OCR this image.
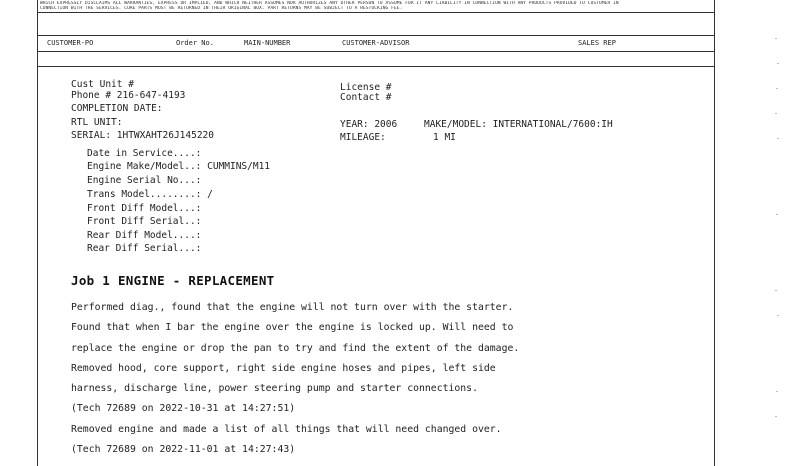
WHICH EXPRESSLY DISCLAIMS ALL WARRANTIES, EXPRESS OR IMPLIED, AND WHICH NEITHER ASSUMES NOR AUTHORIZES ANY OTHER PERSON TO ASSUME FOR IT ANY LIABILITY IN CONNECTION WITH ANY PRODUCTS PROVIDED TO CUSTOMER IN
CONNECTION WITH THE SERVICES. CORE PARTS MUST BE RETURNED IN THEIR ORIGINAL BOX. PART RETURNS MAY BE SUBJECT TO A RESTOCKING FEE.
CUSTOMER-PO	Order No.	MAIN-NUMBER	CUSTOMER-ADVISOR	SALES REP
Cust Unit #
Phone # 216-647-4193
COMPLETION DATE:
RTL UNIT:
SERIAL: 1HTWXAHT26J145220
License #
Contact #
YEAR: 2006	MAKE/MODEL: INTERNATIONAL/7600:IH
MILEAGE:	1 MI
Date in Service....:
Engine Make/Model..: CUMMINS/M11
Engine Serial No...:
Trans Model........: /
Front Diff Model...:
Front Diff Serial..:
Rear Diff Model....:
Rear Diff Serial...:
Job 1 ENGINE - REPLACEMENT
Performed diag., found that the engine will not turn over with the starter.
Found that when I bar the engine over the engine is locked up. Will need to
replace the engine or drop the pan to try and find the extent of the damage.
Removed hood, core support, right side engine hoses and pipes, left side
harness, discharge line, power steering pump and starter connections.
(Tech 72689 on 2022-10-31 at 14:27:51)
Removed engine and made a list of all things that will need changed over.
(Tech 72689 on 2022-11-01 at 14:27:43)
